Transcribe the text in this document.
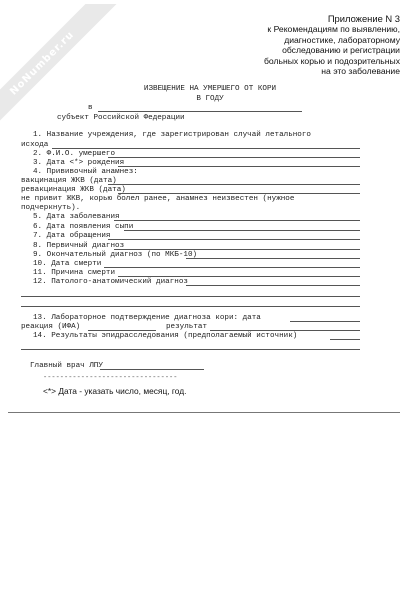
NoNumber.ru
Приложение N 3
к Рекомендациям по выявлению,
диагностике, лабораторному
обследованию и регистрации
больных корью и подозрительных
на это заболевание
ИЗВЕЩЕНИЕ НА УМЕРШЕГО ОТ КОРИ
В ГОДУ
в
субъект Российской Федерации
1. Название учреждения, где зарегистрирован случай летального
исхода
2. Ф.И.О. умершего
3. Дата <*> рождения
4. Прививочный анамнез:
вакцинация ЖКВ (дата)
ревакцинация ЖКВ (дата)
не привит ЖКВ, корью болел ранее, анамнез неизвестен (нужное
подчеркнуть).
5. Дата заболевания
6. Дата появления сыпи
7. Дата обращения
8. Первичный диагноз
9. Окончательный диагноз (по МКБ-10)
10. Дата смерти
11. Причина смерти
12. Патолого-анатомический диагноз
13. Лабораторное подтверждение диагноза кори: дата
реакция (ИФА)	результат
14. Результаты эпидрасследования (предполагаемый источник)
Главный врач ЛПУ
--------------------------------
<*> Дата - указать число, месяц, год.
